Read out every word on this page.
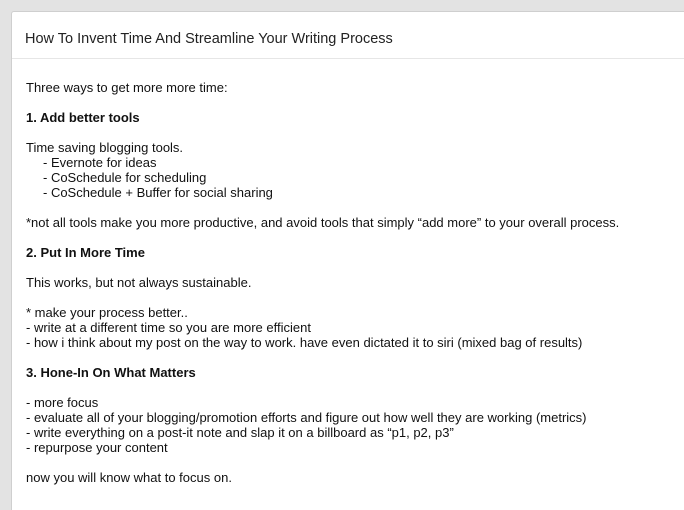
How To Invent Time And Streamline Your Writing Process
Three ways to get more more time:
1. Add better tools
Time saving blogging tools.
- Evernote for ideas
- CoSchedule for scheduling
- CoSchedule + Buffer for social sharing
*not all tools make you more productive, and avoid tools that simply “add more” to your overall process.
2. Put In More Time
This works, but not always sustainable.
* make your process better..
- write at a different time so you are more efficient
- how i think about my post on the way to work. have even dictated it to siri (mixed bag of results)
3. Hone-In On What Matters
- more focus
- evaluate all of your blogging/promotion efforts and figure out how well they are working (metrics)
- write everything on a post-it note and slap it on a billboard as “p1, p2, p3”
- repurpose your content
now you will know what to focus on.
